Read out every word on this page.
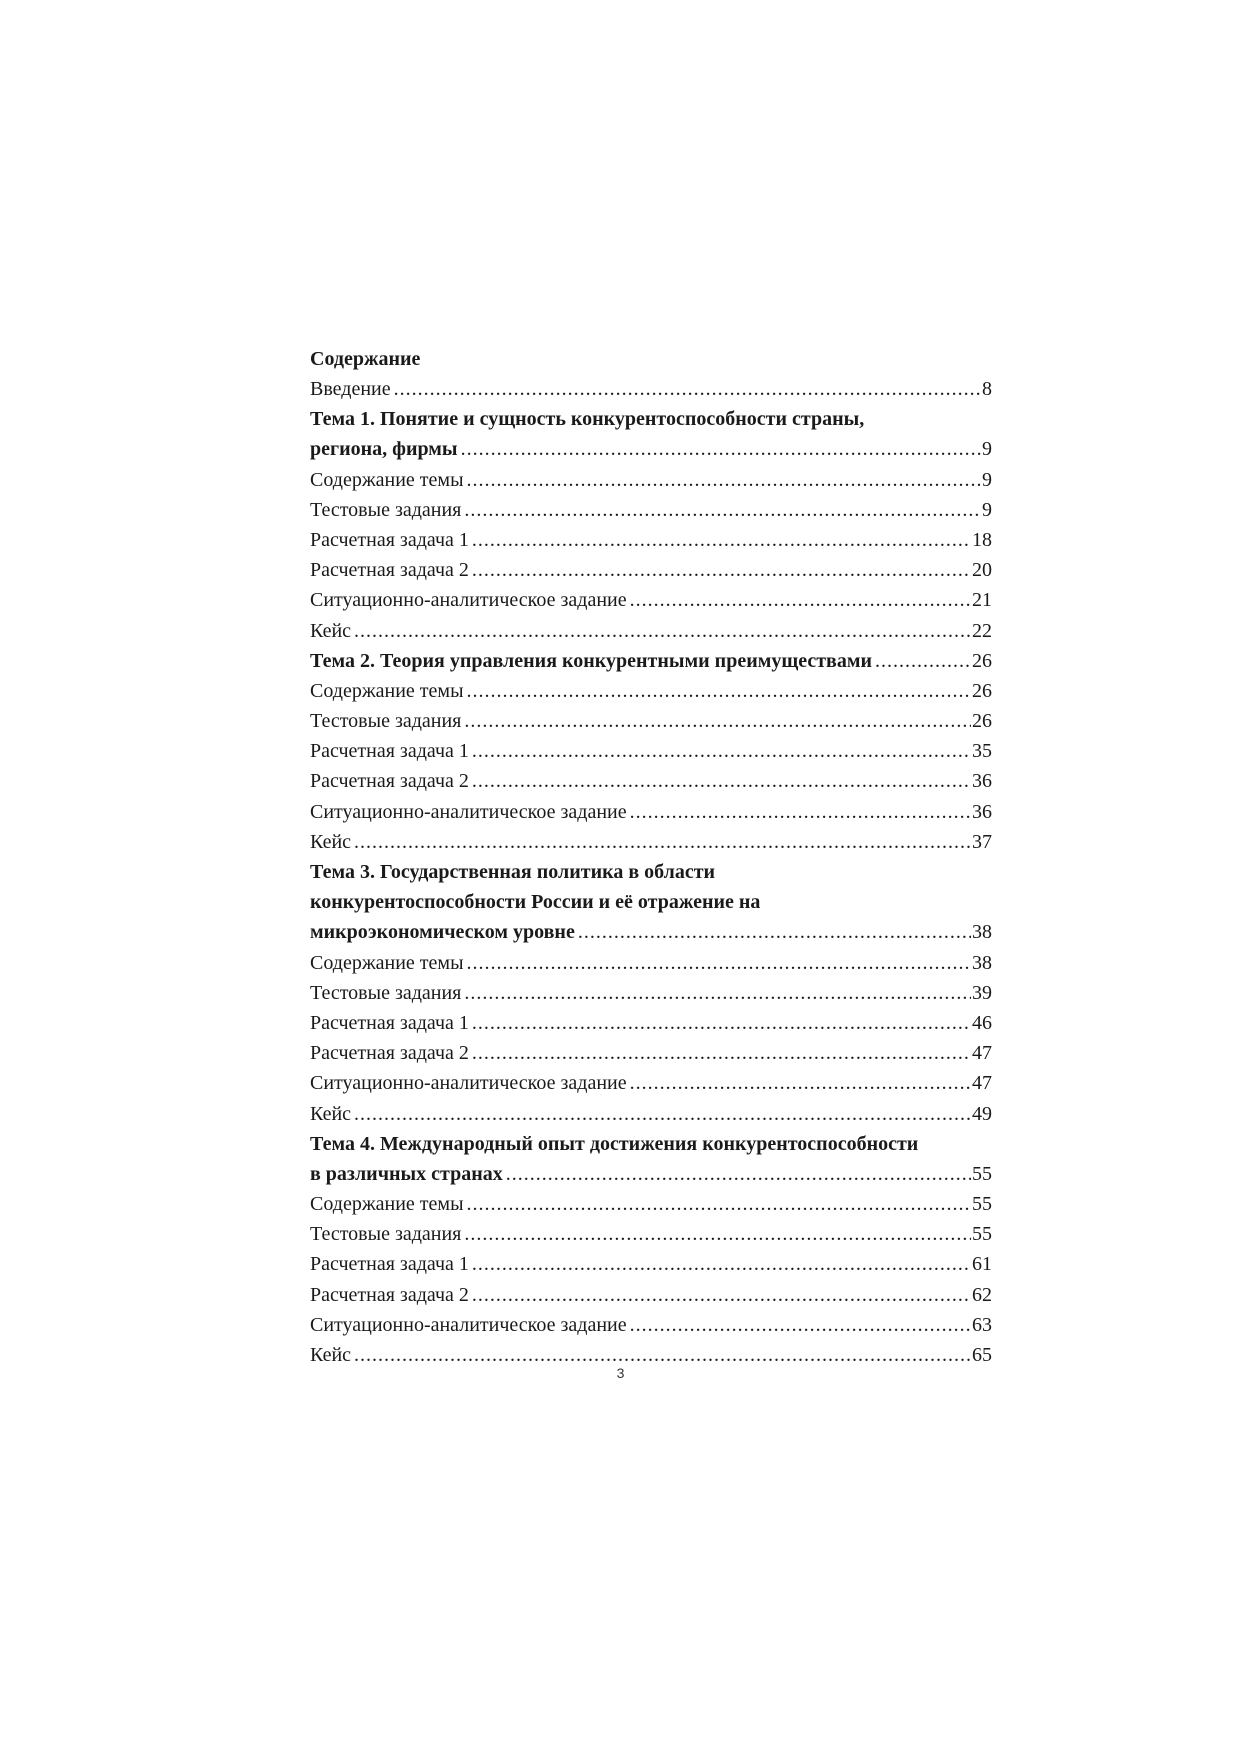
Содержание
Введение .....	8
Тема 1. Понятие и сущность конкурентоспособности страны,
региона, фирмы .....	9
Содержание темы .....	9
Тестовые задания .....	9
Расчетная задача 1 .....	18
Расчетная задача 2 .....	20
Ситуационно-аналитическое задание .....	21
Кейс .....	22
Тема 2. Теория управления конкурентными преимуществами .....	26
Содержание темы .....	26
Тестовые задания .....	26
Расчетная задача 1 .....	35
Расчетная задача 2 .....	36
Ситуационно-аналитическое задание .....	36
Кейс .....	37
Тема 3. Государственная политика в области
конкурентоспособности России и её отражение на
микроэкономическом уровне .....	38
Содержание темы .....	38
Тестовые задания .....	39
Расчетная задача 1 .....	46
Расчетная задача 2 .....	47
Ситуационно-аналитическое задание .....	47
Кейс .....	49
Тема 4. Международный опыт достижения конкурентоспособности
в различных странах .....	55
Содержание темы .....	55
Тестовые задания .....	55
Расчетная задача 1 .....	61
Расчетная задача 2 .....	62
Ситуационно-аналитическое задание .....	63
Кейс .....	65
3
